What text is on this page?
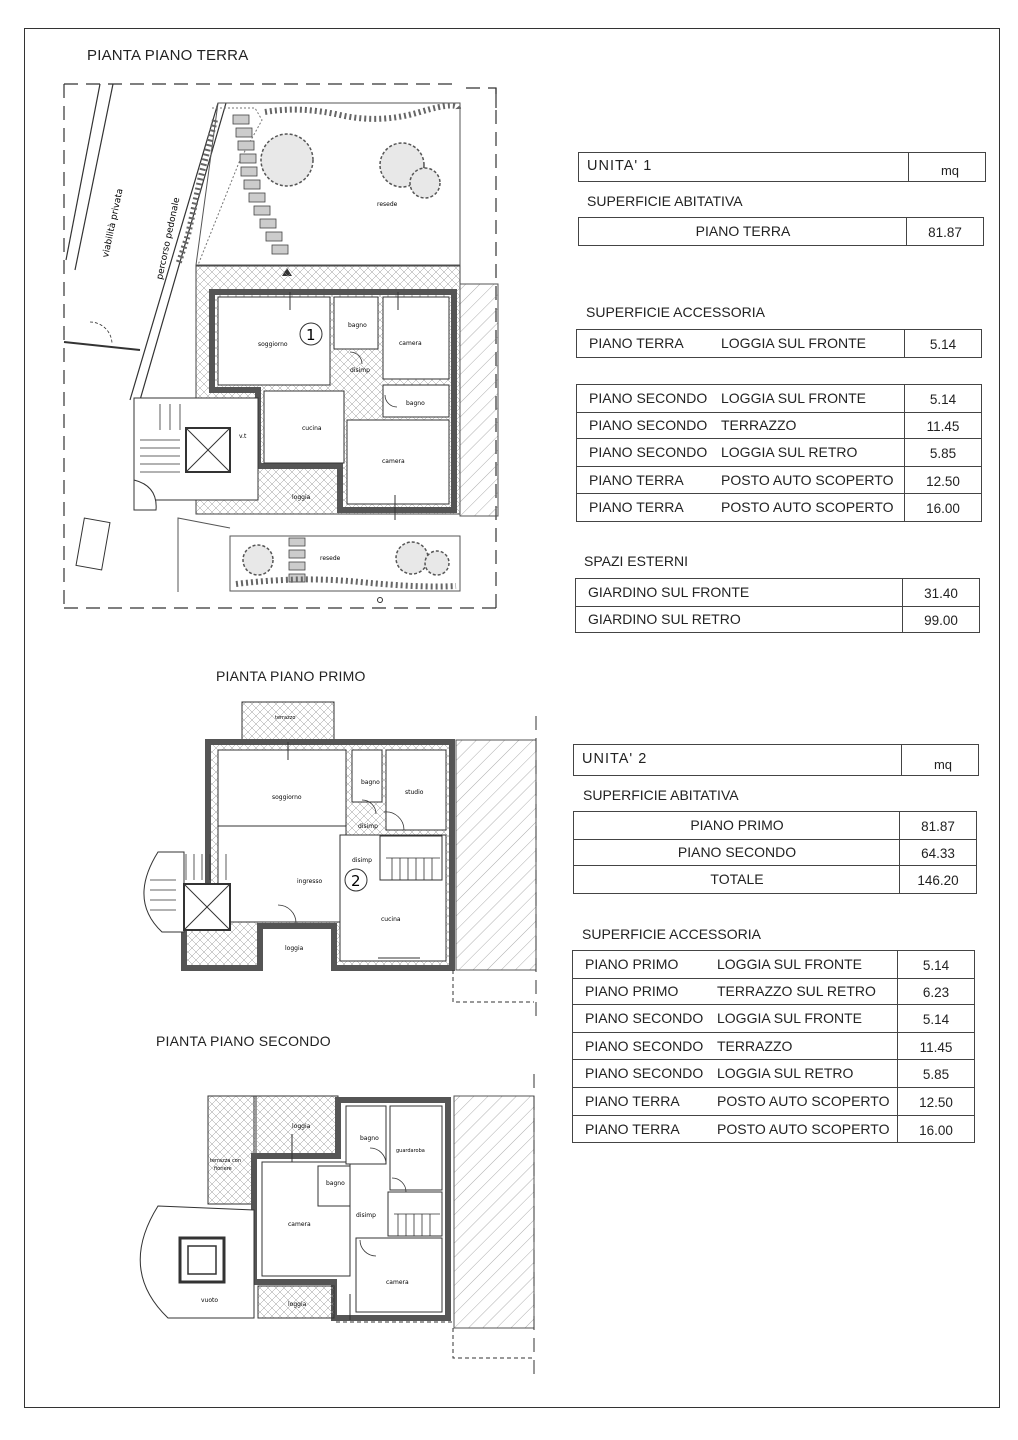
PIANTA PIANO TERRA
PIANTA PIANO PRIMO
PIANTA PIANO SECONDO
viabilità privata	percorso pedonale	resede
1
soggiorno
bagno
camera
disimp
bagno
cucina
camera
loggia
v.t
resede
terrazzo
2
soggiorno
bagno
studio
disimp
disimp
ingresso
cucina
loggia
loggia
bagno
guardaroba
terrazza con
fioriere
bagno
disimp
camera
camera
vuoto
loggia
UNITA' 1	mq
SUPERFICIE ABITATIVA
PIANO TERRA	81.87
SUPERFICIE ACCESSORIA
PIANO TERRA	LOGGIA SUL FRONTE	5.14
PIANO SECONDO LOGGIA SUL FRONTE	5.14
PIANO SECONDO TERRAZZO	11.45
PIANO SECONDO LOGGIA SUL RETRO	5.85
PIANO TERRA	POSTO AUTO SCOPERTO	12.50
PIANO TERRA	POSTO AUTO SCOPERTO	16.00
SPAZI ESTERNI
GIARDINO SUL FRONTE	31.40
GIARDINO SUL RETRO	99.00
UNITA' 2	mq
SUPERFICIE ABITATIVA
PIANO PRIMO	81.87
PIANO SECONDO	64.33
TOTALE	146.20
SUPERFICIE ACCESSORIA
PIANO PRIMO	LOGGIA SUL FRONTE	5.14
PIANO PRIMO	TERRAZZO SUL RETRO	6.23
PIANO SECONDO LOGGIA SUL FRONTE	5.14
PIANO SECONDO TERRAZZO	11.45
PIANO SECONDO LOGGIA SUL RETRO	5.85
PIANO TERRA	POSTO AUTO SCOPERTO	12.50
PIANO TERRA	POSTO AUTO SCOPERTO	16.00
